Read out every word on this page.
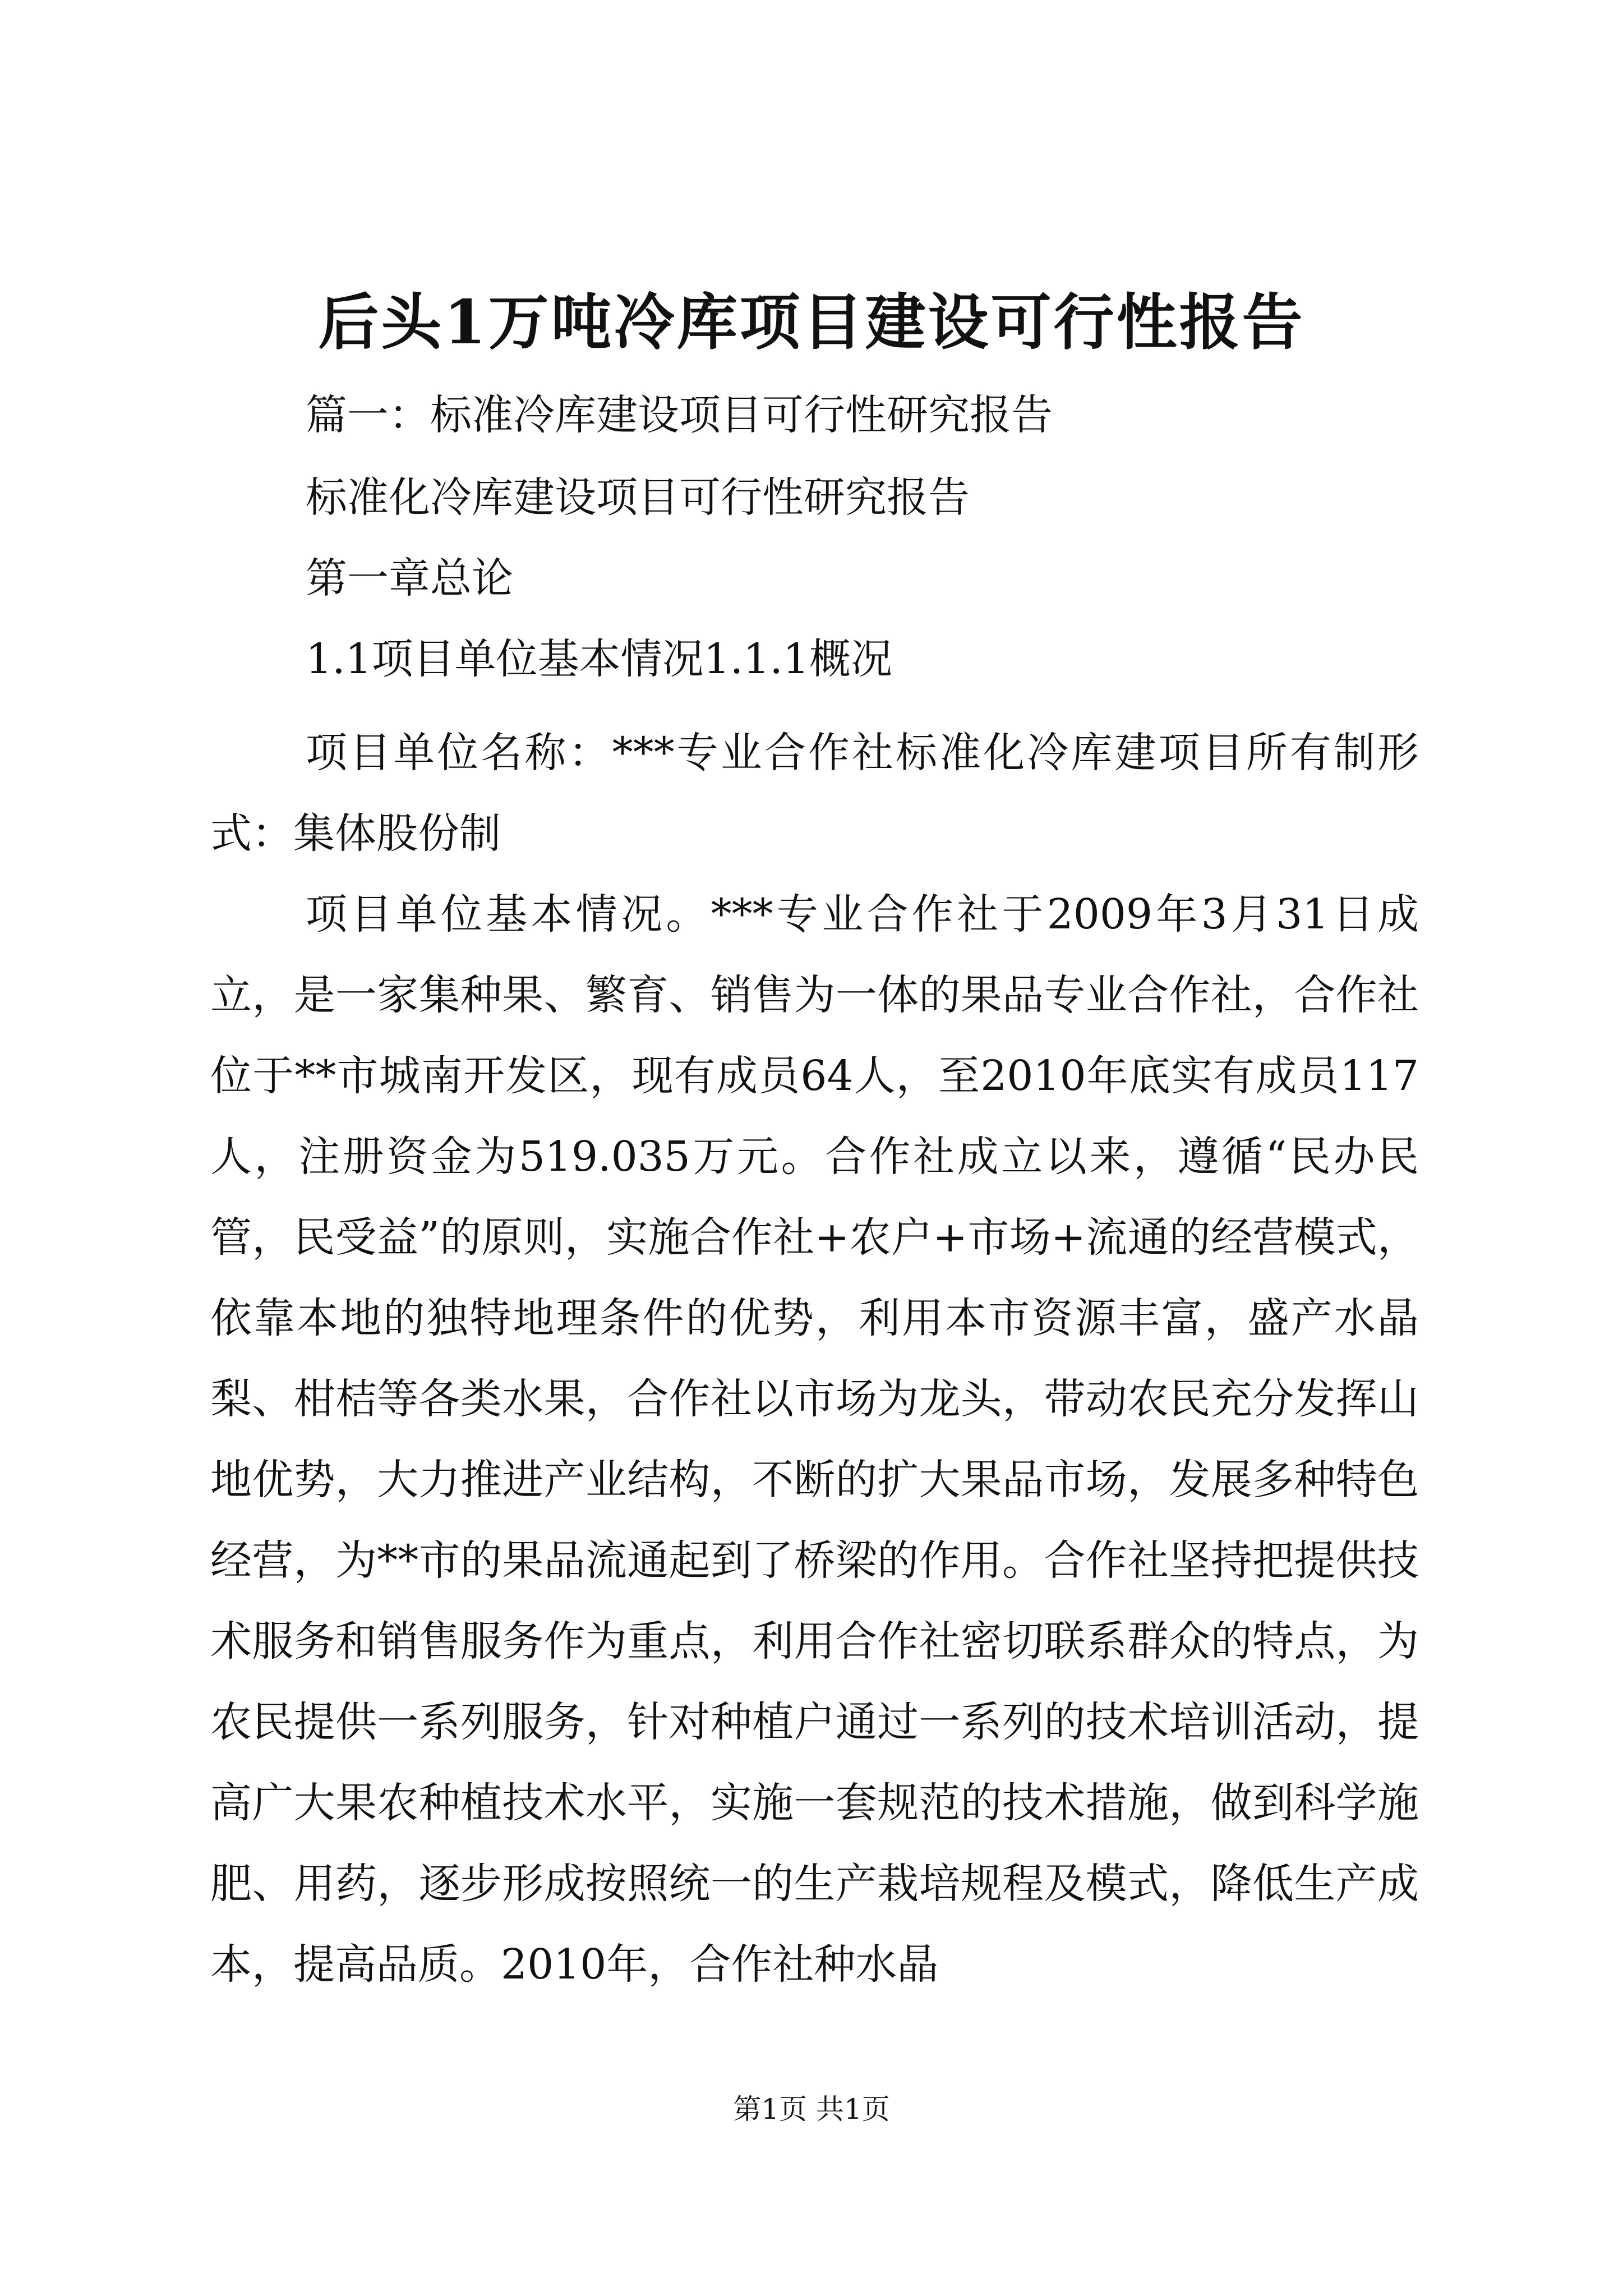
后头1万吨冷库项目建设可行性报告
篇一：标准冷库建设项目可行性研究报告
标准化冷库建设项目可行性研究报告
第一章总论
1.1项目单位基本情况1.1.1概况
项目单位名称：***专业合作社标准化冷库建项目所有制形式：集体股份制
项目单位基本情况。***专业合作社于2009年3月31日成立，是一家集种果、繁育、销售为一体的果品专业合作社，合作社位于**市城南开发区，现有成员64人，至2010年底实有成员117人，注册资金为519.035万元。合作社成立以来，遵循“民办民管，民受益”的原则，实施合作社+农户+市场+流通的经营模式，依靠本地的独特地理条件的优势，利用本市资源丰富，盛产水晶梨、柑桔等各类水果，合作社以市场为龙头，带动农民充分发挥山地优势，大力推进产业结构，不断的扩大果品市场，发展多种特色经营，为**市的果品流通起到了桥梁的作用。合作社坚持把提供技术服务和销售服务作为重点，利用合作社密切联系群众的特点，为农民提供一系列服务，针对种植户通过一系列的技术培训活动，提高广大果农种植技术水平，实施一套规范的技术措施，做到科学施肥、用药，逐步形成按照统一的生产栽培规程及模式，降低生产成本，提高品质。2010年，合作社种水晶
第1页 共1页
